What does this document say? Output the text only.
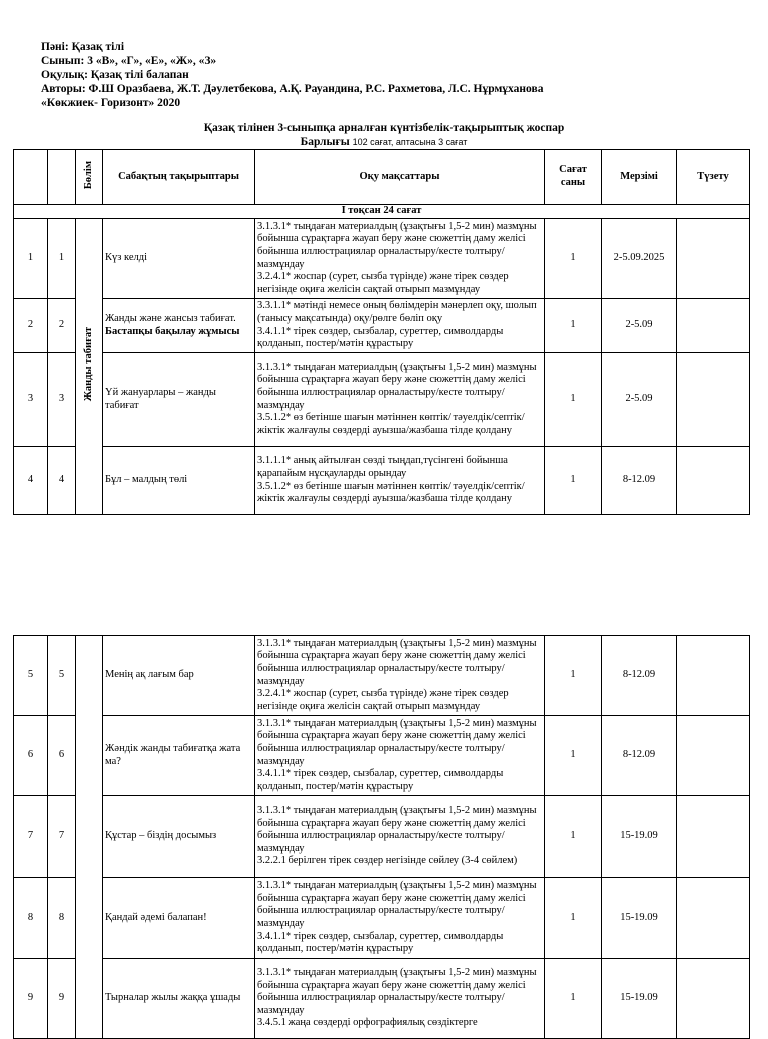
Пәні: Қазақ тілі
Сынып: 3 «В», «Г», «Е», «Ж», «З»
Оқулық: Қазақ тілі балапан
Авторы: Ф.Ш Оразбаева, Ж.Т. Дәулетбекова, А.Қ. Рауандина, Р.С. Рахметова, Л.С. Нұрмұханова
«Көкжиек- Горизонт» 2020
Қазақ тілінен 3-сыныпқа арналған күнтізбелік-тақырыптық жоспар
Барлығы 102 сағат, аптасына 3 сағат
		Бөлім	Сабақтың тақырыптары	Оқу мақсаттары	Сағат саны	Мерзімі	Түзету
I тоқсан 24 сағат							
1	1	Жанды табиғат	Күз келді	3.1.3.1* тыңдаған материалдың (ұзақтығы 1,5-2 мин) мазмұны бойынша сұрақтарға жауап беру және сюжеттің даму желісі бойынша иллюстрациялар орналастыру/кесте толтыру/мазмұндау
3.2.4.1* жоспар (сурет, сызба түрінде) және тірек сөздер негізінде оқиға желісін сақтай отырып мазмұндау	1	2-5.09.2025	
2	2		Жанды және жансыз табиғат.
Бастапқы бақылау жұмысы	3.3.1.1* мәтінді немесе оның бөлімдерін мәнерлеп оқу, шолып (танысу мақсатында) оқу/рөлге бөліп оқу
3.4.1.1* тірек сөздер, сызбалар, суреттер, символдарды қолданып, постер/мәтін құрастыру	1	2-5.09	
3	3		Үй жануарлары – жанды табиғат	3.1.3.1* тыңдаған материалдың (ұзақтығы 1,5-2 мин) мазмұны бойынша сұрақтарға жауап беру және сюжеттің даму желісі бойынша иллюстрациялар орналастыру/кесте толтыру/мазмұндау
3.5.1.2* өз бетінше шағын мәтіннен көптік/ тәуелдік/септік/жіктік жалғаулы сөздерді ауызша/жазбаша тілде қолдану	1	2-5.09	
4	4		Бұл – малдың төлі	3.1.1.1* анық айтылған сөзді тыңдап,түсінгені бойынша қарапайым нұсқауларды орындау
3.5.1.2* өз бетінше шағын мәтіннен көптік/ тәуелдік/септік/жіктік жалғаулы сөздерді ауызша/жазбаша тілде қолдану	1	8-12.09	
5	5		Менің ақ лағым бар	3.1.3.1* тыңдаған материалдың (ұзақтығы 1,5-2 мин) мазмұны бойынша сұрақтарға жауап беру және сюжеттің даму желісі бойынша иллюстрациялар орналастыру/кесте толтыру/мазмұндау
3.2.4.1* жоспар (сурет, сызба түрінде) және тірек сөздер негізінде оқиға желісін сақтай отырып мазмұндау	1	8-12.09	
6	6		Жәндік жанды табиғатқа жата ма?	3.1.3.1* тыңдаған материалдың (ұзақтығы 1,5-2 мин) мазмұны бойынша сұрақтарға жауап беру және сюжеттің даму желісі бойынша иллюстрациялар орналастыру/кесте толтыру/мазмұндау
3.4.1.1* тірек сөздер, сызбалар, суреттер, символдарды қолданып, постер/мәтін құрастыру	1	8-12.09	
7	7		Құстар – біздің досымыз	3.1.3.1* тыңдаған материалдың (ұзақтығы 1,5-2 мин) мазмұны бойынша сұрақтарға жауап беру және сюжеттің даму желісі бойынша иллюстрациялар орналастыру/кесте толтыру/мазмұндау
3.2.2.1 берілген тірек сөздер негізінде сөйлеу (3-4 сөйлем)	1	15-19.09	
8	8		Қандай әдемі балапан!	3.1.3.1* тыңдаған материалдың (ұзақтығы 1,5-2 мин) мазмұны бойынша сұрақтарға жауап беру және сюжеттің даму желісі бойынша иллюстрациялар орналастыру/кесте толтыру/мазмұндау
3.4.1.1* тірек сөздер, сызбалар, суреттер, символдарды қолданып, постер/мәтін құрастыру	1	15-19.09	
9	9		Тырналар жылы жаққа ұшады	3.1.3.1* тыңдаған материалдың (ұзақтығы 1,5-2 мин) мазмұны бойынша сұрақтарға жауап беру және сюжеттің даму желісі бойынша иллюстрациялар орналастыру/кесте толтыру/мазмұндау
3.4.5.1 жаңа сөздерді орфографиялық сөздіктерге	1	15-19.09	
